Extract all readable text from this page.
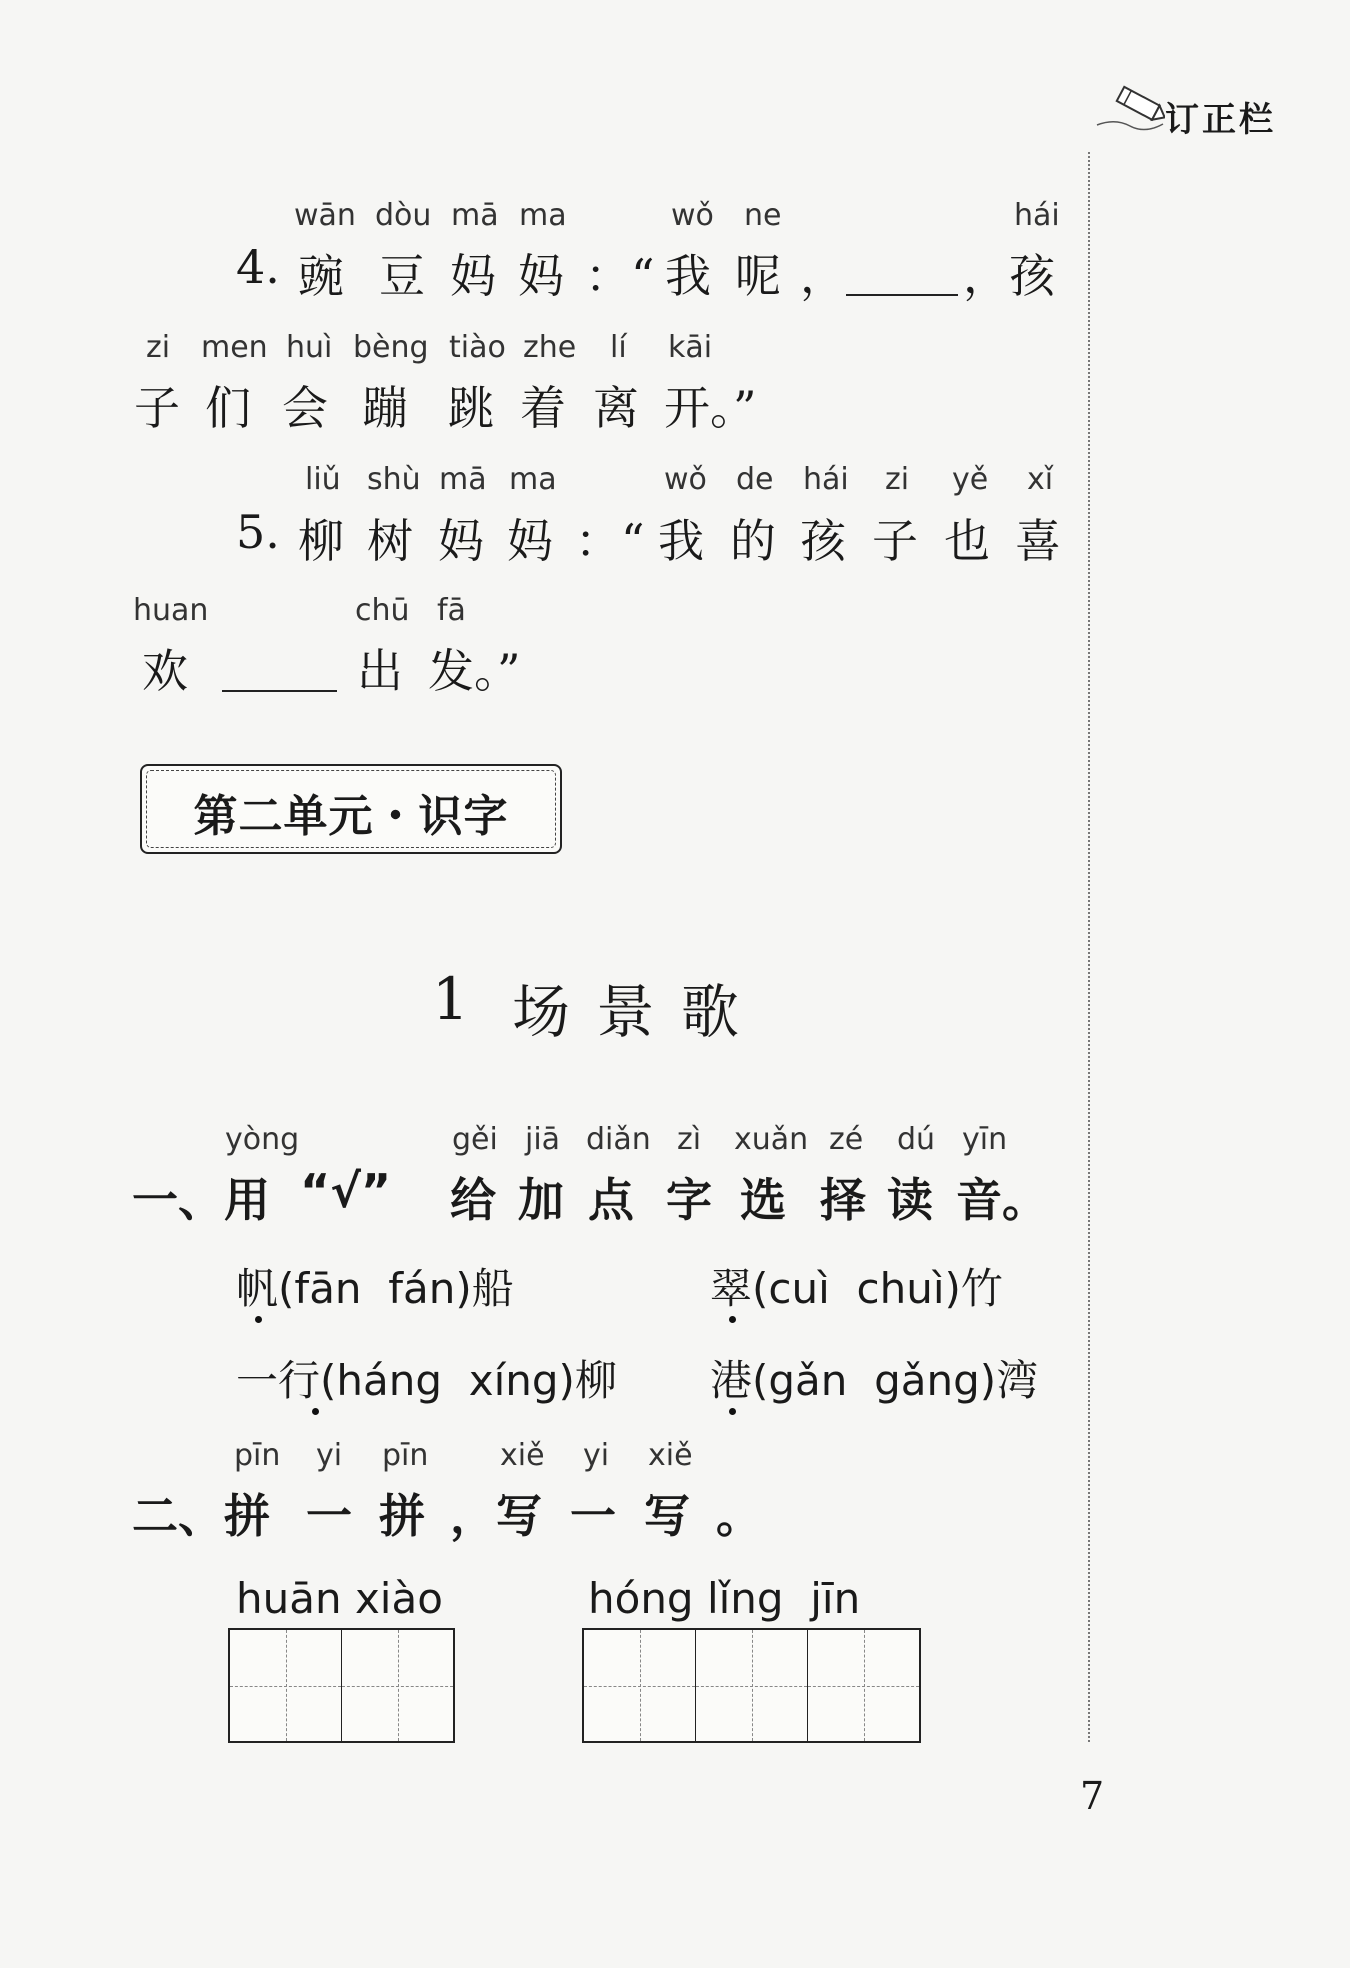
订正栏
wān dòu mā ma	wǒ ne	hái
4. 豌 豆 妈 妈 ：“ 我 呢 ，	，孩
zi men huì bèng tiào zhe lí kāi
子 们 会 蹦 跳 着 离 开。”
liǔ shù mā ma	wǒ de hái zi yě xǐ
5. 柳 树 妈 妈 ：“ 我 的 孩 子 也 喜
huan	chū fā
欢	出 发。”
第二单元・识字
1 场 景 歌
yòng	gěi jiā diǎn zì xuǎn zé dú yīn
一、用 “√” 给 加 点 字 选 择 读 音。
帆(fān  fán)船	翠(cuì  chuì)竹
一行(háng  xíng)柳 港(gǎn  gǎng)湾
pīn yi pīn xiě yi xiě
二、拼 一 拼 ，写 一 写 。
huān xiào	hóng lǐng  jīn
7
